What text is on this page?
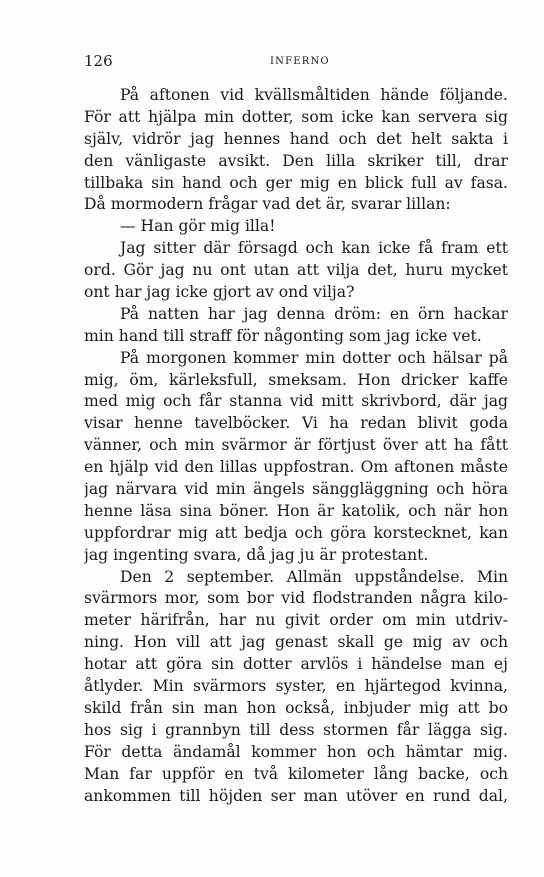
126	INFERNO
På aftonen vid kvällsmåltiden hände följande.
För att hjälpa min dotter, som icke kan servera sig
själv, vidrör jag hennes hand och det helt sakta i
den vänligaste avsikt. Den lilla skriker till, drar
tillbaka sin hand och ger mig en blick full av fasa.
Då mormodern frågar vad det är, svarar lillan:
— Han gör mig illa!
Jag sitter där försagd och kan icke få fram ett
ord. Gör jag nu ont utan att vilja det, huru mycket
ont har jag icke gjort av ond vilja?
På natten har jag denna dröm: en örn hackar
min hand till straff för någonting som jag icke vet.
På morgonen kommer min dotter och hälsar på
mig, öm, kärleksfull, smeksam. Hon dricker kaffe
med mig och får stanna vid mitt skrivbord, där jag
visar henne tavelböcker. Vi ha redan blivit goda
vänner, och min svärmor är förtjust över att ha fått
en hjälp vid den lillas uppfostran. Om aftonen måste
jag närvara vid min ängels sänggläggning och höra
henne läsa sina böner. Hon är katolik, och när hon
uppfordrar mig att bedja och göra korstecknet, kan
jag ingenting svara, då jag ju är protestant.
Den 2 september. Allmän uppståndelse. Min
svärmors mor, som bor vid flodstranden några kilo-
meter härifrån, har nu givit order om min utdriv-
ning. Hon vill att jag genast skall ge mig av och
hotar att göra sin dotter arvlös i händelse man ej
åtlyder. Min svärmors syster, en hjärtegod kvinna,
skild från sin man hon också, inbjuder mig att bo
hos sig i grannbyn till dess stormen får lägga sig.
För detta ändamål kommer hon och hämtar mig.
Man far uppför en två kilometer lång backe, och
ankommen till höjden ser man utöver en rund dal,
